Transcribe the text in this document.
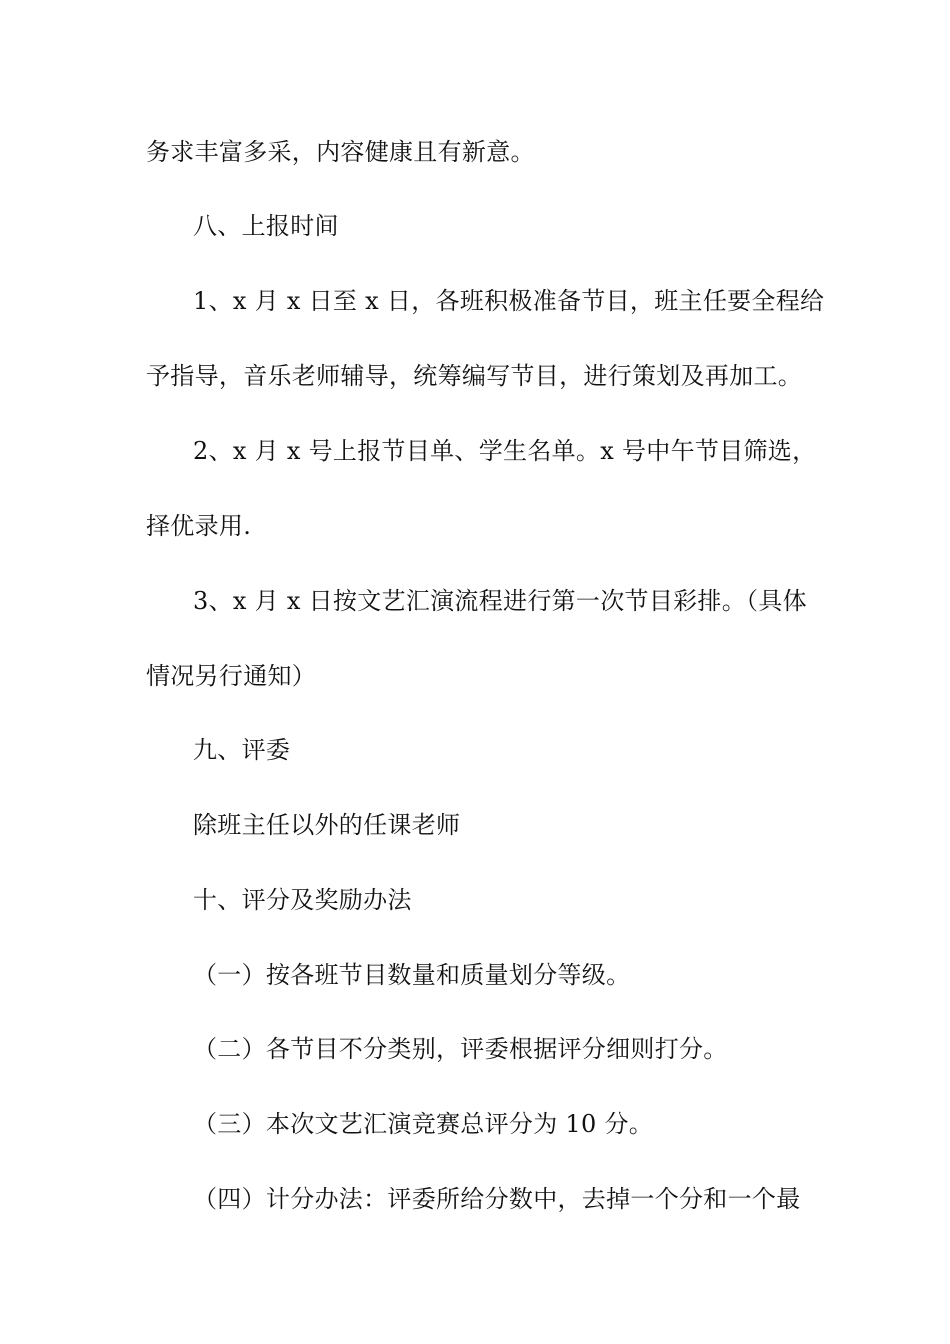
务求丰富多采，内容健康且有新意。
八、上报时间
1、x 月 x 日至 x 日，各班积极准备节目，班主任要全程给
予指导，音乐老师辅导，统筹编写节目，进行策划及再加工。
2、x 月 x 号上报节目单、学生名单。x 号中午节目筛选，
择优录用.
3、x 月 x 日按文艺汇演流程进行第一次节目彩排。（具体
情况另行通知）
九、评委
除班主任以外的任课老师
十、评分及奖励办法
（一）按各班节目数量和质量划分等级。
（二）各节目不分类别，评委根据评分细则打分。
（三）本次文艺汇演竞赛总评分为 10 分。
（四）计分办法：评委所给分数中，去掉一个分和一个最
